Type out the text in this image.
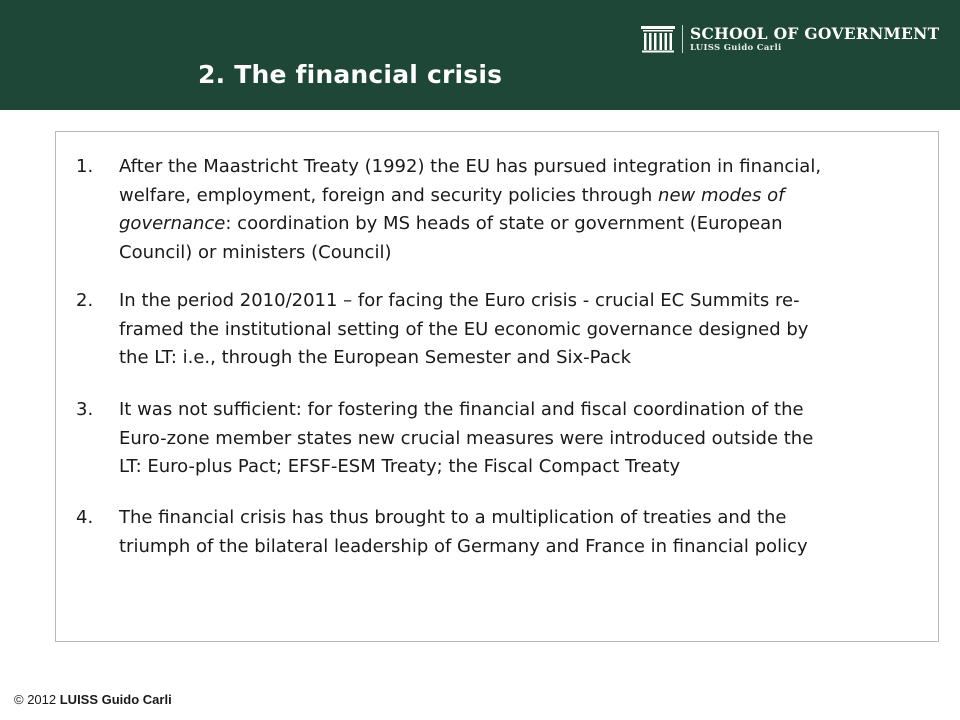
SCHOOL OF GOVERNMENT
LUISS Guido Carli
2. The financial crisis
1. After the Maastricht Treaty (1992) the EU has pursued integration in financial,
welfare, employment, foreign and security policies through new modes of
governance: coordination by MS heads of state or government (European
Council) or ministers (Council)
2. In the period 2010/2011 – for facing the Euro crisis - crucial EC Summits re-
framed the institutional setting of the EU economic governance designed by
the LT: i.e., through the European Semester and Six-Pack
3. It was not sufficient: for fostering the financial and fiscal coordination of the
Euro-zone member states new crucial measures were introduced outside the
LT: Euro-plus Pact; EFSF-ESM Treaty; the Fiscal Compact Treaty
4. The financial crisis has thus brought to a multiplication of treaties and the
triumph of the bilateral leadership of Germany and France in financial policy
© 2012 LUISS Guido Carli
